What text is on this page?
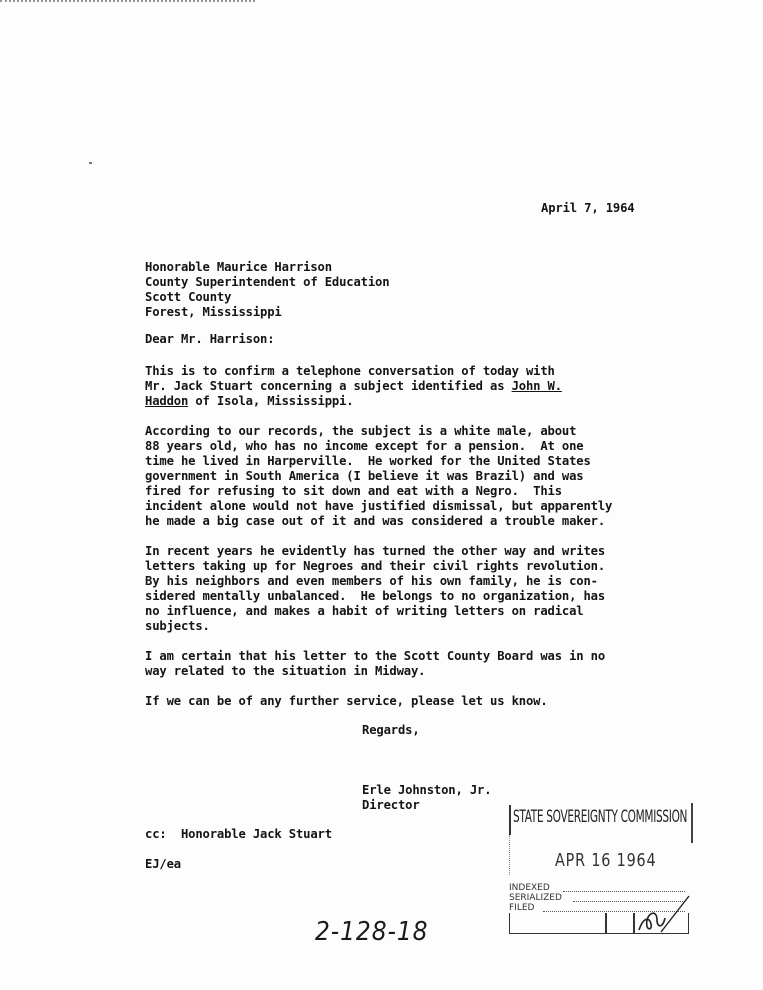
April 7, 1964
Honorable Maurice Harrison
County Superintendent of Education
Scott County
Forest, Mississippi
Dear Mr. Harrison:
This is to confirm a telephone conversation of today with
Mr. Jack Stuart concerning a subject identified as John W.
Haddon of Isola, Mississippi.
According to our records, the subject is a white male, about
88 years old, who has no income except for a pension.  At one
time he lived in Harperville.  He worked for the United States
government in South America (I believe it was Brazil) and was
fired for refusing to sit down and eat with a Negro.  This
incident alone would not have justified dismissal, but apparently
he made a big case out of it and was considered a trouble maker.
In recent years he evidently has turned the other way and writes
letters taking up for Negroes and their civil rights revolution.
By his neighbors and even members of his own family, he is con-
sidered mentally unbalanced.  He belongs to no organization, has
no influence, and makes a habit of writing letters on radical
subjects.
I am certain that his letter to the Scott County Board was in no
way related to the situation in Midway.
If we can be of any further service, please let us know.
Regards,
Erle Johnston, Jr.
Director
cc:  Honorable Jack Stuart
EJ/ea
STATE SOVEREIGNTY COMMISSION
APR 16 1964
INDEXED
SERIALIZED
FILED
2-128-18
